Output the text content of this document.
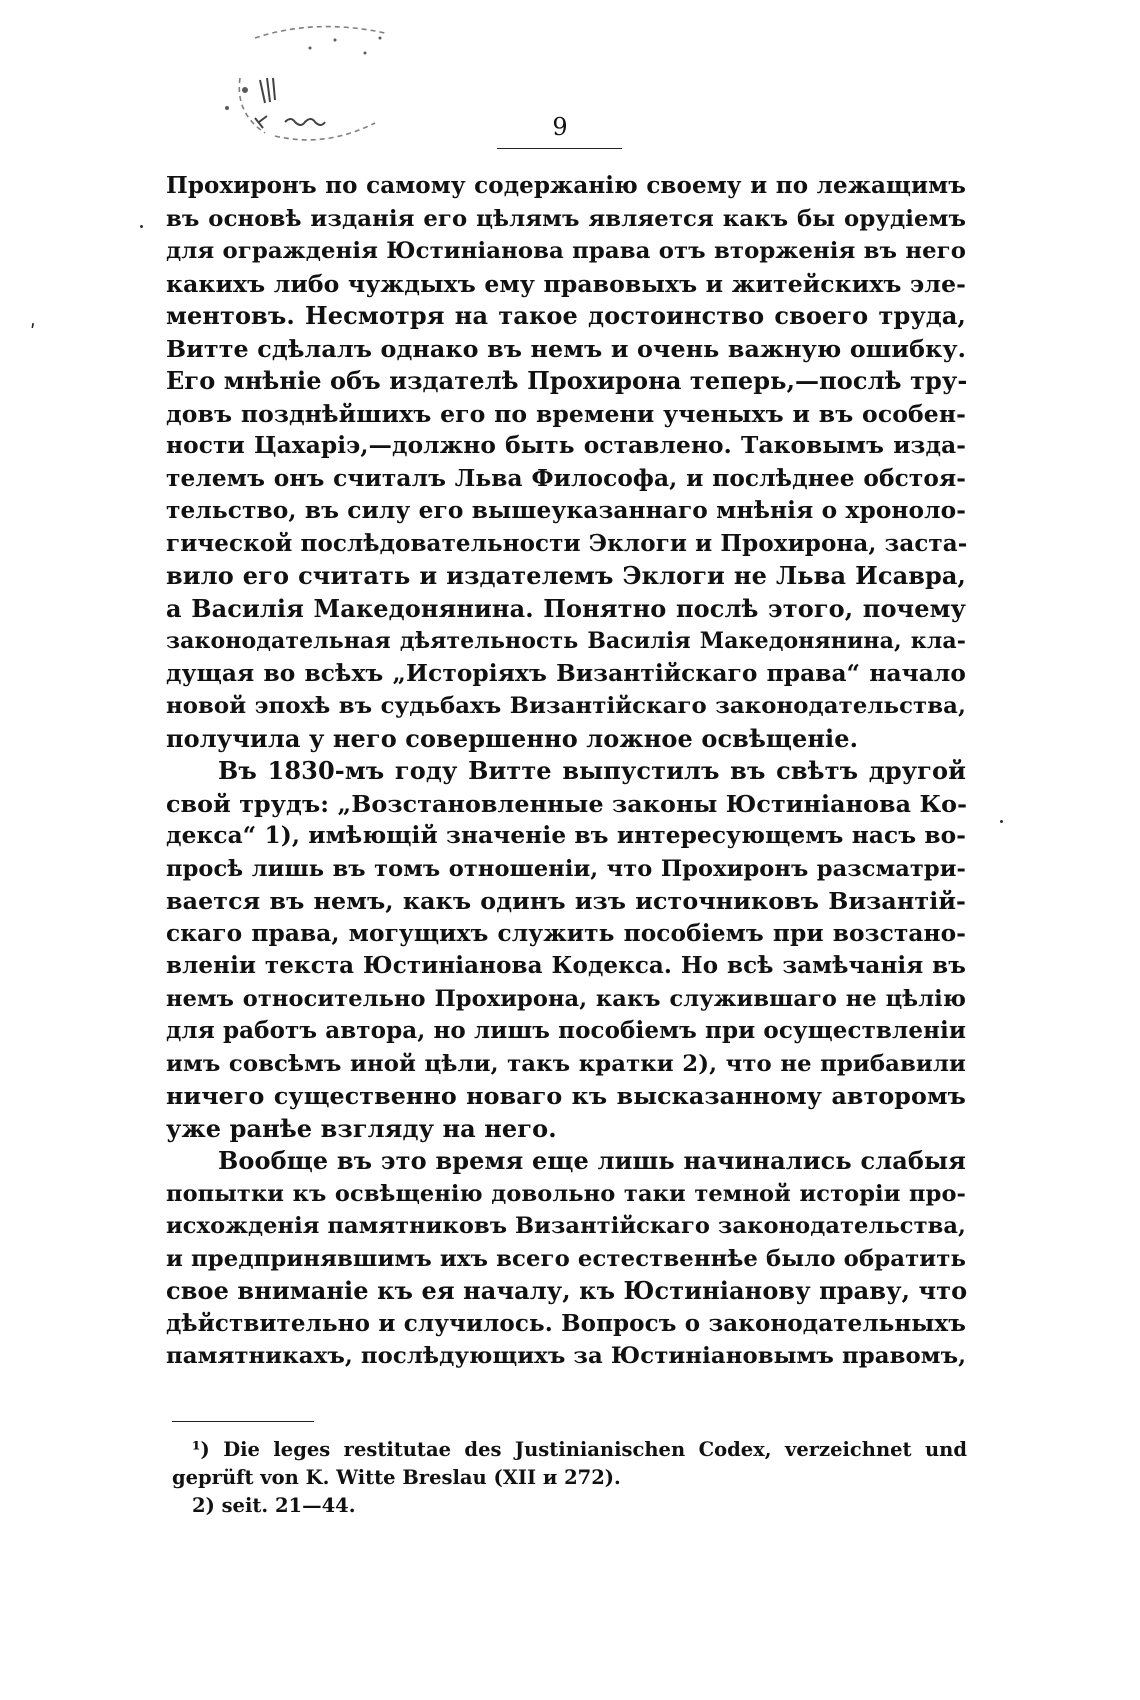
ʹ
9

Прохиронъ по самому содержанію своему и по лежащимъ
въ основѣ изданія его цѣлямъ является какъ бы орудіемъ
для огражденія Юстиніанова права отъ вторженія въ него
какихъ либо чуждыхъ ему правовыхъ и житейскихъ эле-
ментовъ. Несмотря на такое достоинство своего труда,
Витте сдѣлалъ однако въ немъ и очень важную ошибку.
Его мнѣніе объ издателѣ Прохирона теперь,—послѣ тру-
довъ позднѣйшихъ его по времени ученыхъ и въ особен-
ности Цахаріэ,—должно быть оставлено. Таковымъ изда-
телемъ онъ считалъ Льва Философа, и послѣднее обстоя-
тельство, въ силу его вышеуказаннаго мнѣнія о хроноло-
гической послѣдовательности Эклоги и Прохирона, заста-
вило его считать и издателемъ Эклоги не Льва Исавра,
а Василія Македонянина. Понятно послѣ этого, почему
законодательная дѣятельность Василія Македонянина, кла-
дущая во всѣхъ „Исторіяхъ Византійскаго права“ начало
новой эпохѣ въ судьбахъ Византійскаго законодательства,
получила у него совершенно ложное освѣщеніе.

Въ 1830-мъ году Витте выпустилъ въ свѣтъ другой
свой трудъ: „Возстановленные законы Юстиніанова Ко-
декса“ 1), имѣющій значеніе въ интересующемъ насъ во-
просѣ лишь въ томъ отношеніи, что Прохиронъ разсматри-
вается въ немъ, какъ одинъ изъ источниковъ Византій-
скаго права, могущихъ служить пособіемъ при возстано-
вленіи текста Юстиніанова Кодекса. Но всѣ замѣчанія въ
немъ относительно Прохирона, какъ служившаго не цѣлію
для работъ автора, но лишъ пособіемъ при осуществленіи
имъ совсѣмъ иной цѣли, такъ кратки 2), что не прибавили
ничего существенно новаго къ высказанному авторомъ
уже ранѣе взгляду на него.

Вообще въ это время еще лишь начинались слабыя
попытки къ освѣщенію довольно таки темной исторіи про-
исхожденія памятниковъ Византійскаго законодательства,
и предпринявшимъ ихъ всего естественнѣе было обратить
свое вниманіе къ ея началу, къ Юстиніанову праву, что
дѣйствительно и случилось. Вопросъ о законодательныхъ
памятникахъ, послѣдующихъ за Юстиніановымъ правомъ,

¹) Die leges restitutae des Justinianischen Codex, verzeichnet und
geprüft von K. Witte Breslau (XII и 272).
2) seit. 21—44.
